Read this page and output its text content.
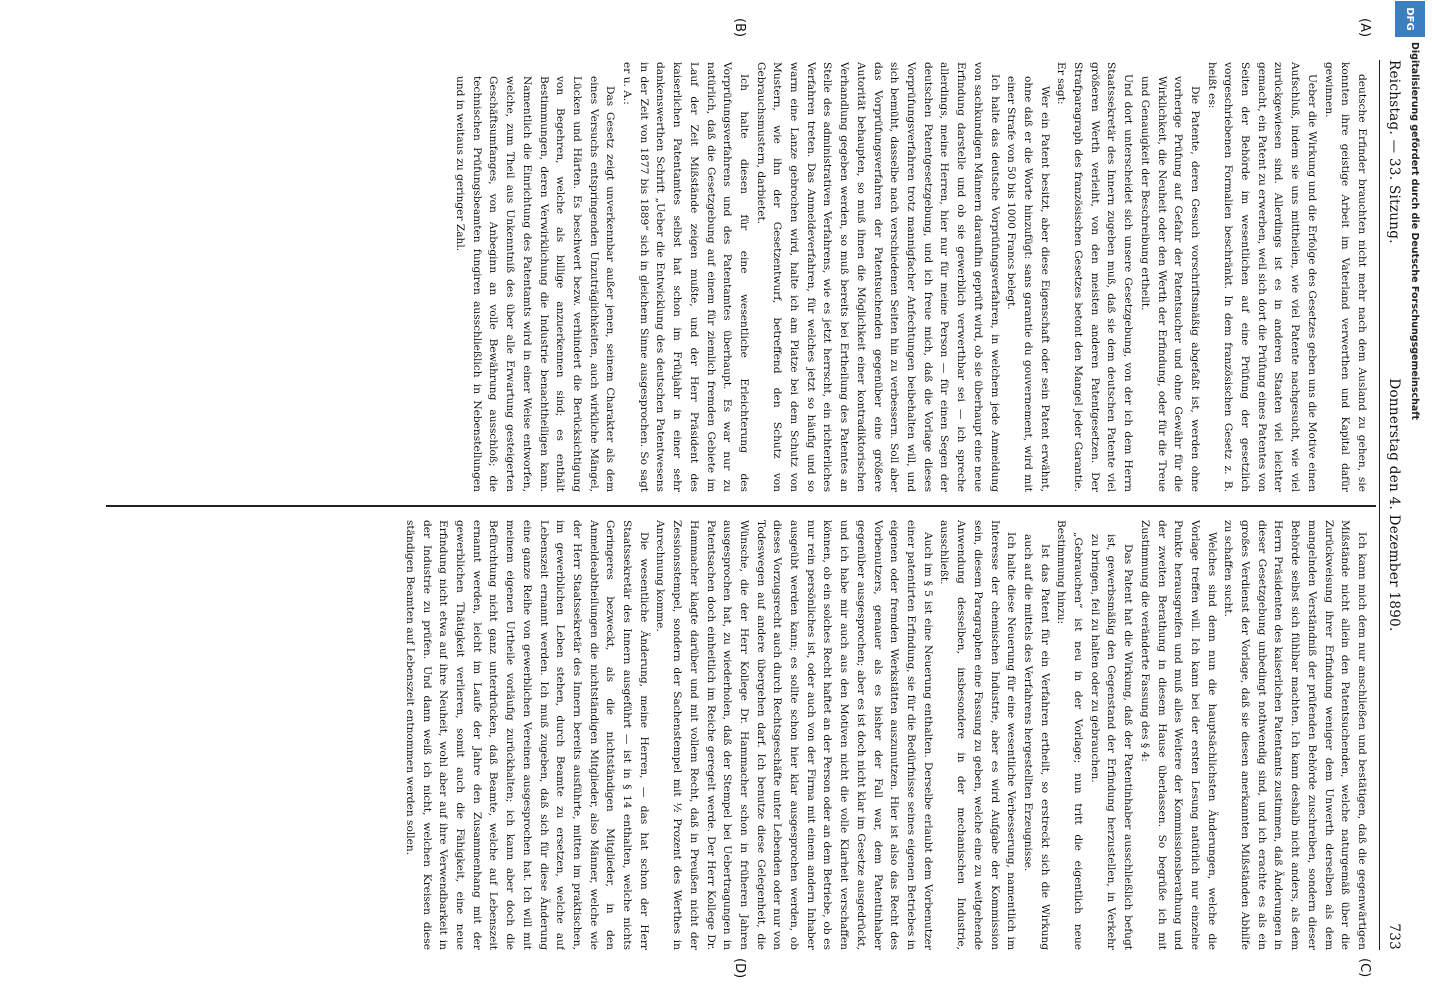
Reichstag. — 33. Sitzung.
Donnerstag den 4. Dezember 1890.
733
(A)
(B)
(C)
(D)

deutsche Erfinder brauchten nicht mehr nach dem Ausland zu gehen, sie konnten ihre geistige Arbeit im Vaterland verwerthen und Kapital dafür gewinnen.

Ueber die Wirkung und die Erfolge des Gesetzes geben uns die Motive einen Aufschluß, indem sie uns mittheilen, wie viel Patente nachgesucht, wie viel zurückgewiesen sind. Allerdings ist es in anderen Staaten viel leichter gemacht, ein Patent zu erwerben, weil sich dort die Prüfung eines Patentes von Seiten der Behörde im wesentlichen auf eine Prüfung der gesetzlich vorgeschriebenen Formalien beschränkt. In dem französischen Gesetz z. B. heißt es:

Die Patente, deren Gesuch vorschriftsmäßig abgefaßt ist, werden ohne vorherige Prüfung auf Gefahr der Patentsucher und ohne Gewähr für die Wirklichkeit, die Neuheit oder den Werth der Erfindung, oder für die Treue und Genauigkeit der Beschreibung ertheilt.

Und dort unterscheidet sich unsere Gesetzgebung, von der ich dem Herrn Staatssekretär des Innern zugeben muß, daß sie dem deutschen Patente viel größeren Werth verleiht, von den meisten anderen Patentgesetzen. Der Strafparagraph des französischen Gesetzes betont den Mangel jeder Garantie. Er sagt:

Wer ein Patent besitzt, aber diese Eigenschaft oder sein Patent erwähnt, ohne daß er die Worte hinzufügt: sans garantie du gouvernement, wird mit einer Strafe von 50 bis 1000 Francs belegt.

Ich halte das deutsche Vorprüfungsverfahren, in welchem jede Anmeldung von sachkundigen Männern daraufhin geprüft wird, ob sie überhaupt eine neue Erfindung darstelle und ob sie gewerblich verwerthbar sei — ich spreche allerdings, meine Herren, hier nur für meine Person — für einen Segen der deutschen Patentgesetzgebung, und ich freue mich, daß die Vorlage dieses Vorprüfungsverfahren trotz mannigfacher Anfechtungen beibehalten will, und sich bemüht, dasselbe nach verschiedenen Seiten hin zu verbessern. Soll aber das Vorprüfungsverfahren der Patentsuchenden gegenüber eine größere Autorität behaupten, so muß ihnen die Möglichkeit einer kontradiktorischen Verhandlung gegeben werden, so muß bereits bei Ertheilung des Patentes an Stelle des administrativen Verfahrens, wie es jetzt herrscht, ein richterliches Verfahren treten. Das Anmeldeverfahren, für welches jetzt so häufig und so warm eine Lanze gebrochen wird, halte ich am Platze bei dem Schutz von Mustern, wie ihn der Gesetzentwurf, betreffend den Schutz von Gebrauchsmustern, darbietet.

Ich halte diesen für eine wesentliche Erleichterung des Vorprüfungsverfahrens und des Patentamtes überhaupt. Es war nur zu natürlich, daß die Gesetzgebung auf einem für ziemlich fremden Gebiete im Lauf der Zeit Mißstände zeigen mußte, und der Herr Präsident des kaiserlichen Patentamtes selbst hat schon im Frühjahr in einer sehr dankenswerthen Schrift „Ueber die Entwicklung des deutschen Patentwesens in der Zeit von 1877 bis 1889“ sich in gleichem Sinne ausgesprochen. So sagt er u. A.:

Das Gesetz zeigt unverkennbar außer jenen, seinem Charakter als dem eines Versuchs entspringenden Unzuträglichkeiten, auch wirkliche Mängel, Lücken und Härten. Es beschwert bezw. verhindert die Berücksichtigung von Begehren, welche als billige anzuerkennen sind; es enthält Bestimmungen, deren Verwirklichung die Industrie benachtheiligen kann. Namentlich die Einrichtung des Patentamts wird in einer Weise entworfen, welche, zum Theil aus Unkenntniß des über alle Erwartung gesteigerten Geschäftsumfanges, von Anbeginn an volle Bewährung ausschloß; die technischen Prüfungsbeamten fungiren ausschließlich in Nebenstellungen und in weitaus zu geringer Zahl.

Ich kann mich dem nur anschließen und bestätigen, daß die gegenwärtigen Mißstände nicht allein den Patentsuchenden, welche naturgemäß über die Zurückweisung ihrer Erfindung weniger dem Unwerth derselben als dem mangelnden Verständniß der prüfenden Behörde zuschreiben, sondern dieser Behörde selbst sich fühlbar machten. Ich kann deshalb nicht anders, als dem Herrn Präsidenten des kaiserlichen Patentamts zustimmen, daß Änderungen in dieser Gesetzgebung unbedingt nothwendig sind, und ich erachte es als ein großes Verdienst der Vorlage, daß sie diesen anerkannten Mißständen Abhilfe zu schaffen sucht.

Welches sind denn nun die hauptsächlichsten Änderungen, welche die Vorlage treffen will. Ich kann bei der ersten Lesung natürlich nur einzelne Punkte herausgreifen und muß alles Weitere der Kommissionsberathung und der zweiten Berathung in diesem Hause überlassen. So begrüße ich mit Zustimmung die veränderte Fassung des § 4:

Das Patent hat die Wirkung, daß der Patentinhaber ausschließlich befugt ist, gewerbsmäßig den Gegenstand der Erfindung herzustellen, in Verkehr zu bringen, feil zu halten oder zu gebrauchen.

„Gebrauchen“ ist neu in der Vorlage; nun tritt die eigentlich neue Bestimmung hinzu:

Ist das Patent für ein Verfahren ertheilt, so erstreckt sich die Wirkung auch auf die mittels des Verfahrens hergestellten Erzeugnisse.

Ich halte diese Neuerung für eine wesentliche Verbesserung, namentlich im Interesse der chemischen Industrie, aber es wird Aufgabe der Kommission sein, diesem Paragraphen eine Fassung zu geben, welche eine zu weitgehende Anwendung desselben, insbesondere in der mechanischen Industrie, ausschließt.

Auch im § 5 ist eine Neuerung enthalten. Derselbe erlaubt dem Vorbenutzer einer patentirten Erfindung, sie für die Bedürfnisse seines eigenen Betriebes in eigenen oder fremden Werkstätten auszunutzen. Hier ist also das Recht des Vorbenutzers, genauer als es bisher der Fall war, dem Patentinhaber gegenüber ausgesprochen; aber es ist doch nicht klar im Gesetze ausgedrückt, und ich habe mir auch aus den Motiven nicht die volle Klarheit verschaffen können, ob ein solches Recht haftet an der Person oder an dem Betriebe, ob es nur rein persönliches ist, oder auch von der Firma mit einem andern Inhaber ausgeübt werden kann; es sollte schon hier klar ausgesprochen werden, ob dieses Vorzugsrecht auch durch Rechtsgeschäfte unter Lebenden oder nur von Todeswegen auf andere übergehen darf. Ich benutze diese Gelegenheit, die Wünsche, die der Herr Kollege Dr. Hammacher schon in früheren Jahren ausgesprochen hat, zu wiederholen, daß der Stempel bei Uebertragungen in Patentsachen doch einheitlich im Reiche geregelt werde. Der Herr Kollege Dr. Hammacher klagte darüber und mit vollem Recht, daß in Preußen nicht der Zessionsstempel, sondern der Sachenstempel mit ½ Prozent des Werthes in Anrechnung komme.

Die wesentliche Änderung, meine Herren, — das hat schon der Herr Staatssekretär des Innern ausgeführt — ist in § 14 enthalten, welche nichts Geringeres bezweckt, als die nichtständigen Mitglieder, in den Anmeldeabtheilungen die nichtständigen Mitglieder, also Männer, welche wie der Herr Staatssekretär des Innern bereits ausführte, mitten im praktischen, im gewerblichen Leben stehen, durch Beamte zu ersetzen, welche auf Lebenszeit ernannt werden. Ich muß zugeben, daß sich für diese Änderung eine ganze Reihe von gewerblichen Vereinen ausgesprochen hat. Ich will mit meinem eigenen Urtheile vorläufig zurückhalten; ich kann aber doch die Befürchtung nicht ganz unterdrücken, daß Beamte, welche auf Lebenszeit ernannt werden, leicht im Laufe der Jahre den Zusammenhang mit der gewerblichen Thätigkeit verlieren, somit auch die Fähigkeit, eine neue Erfindung nicht etwa auf ihre Neuheit, wohl aber auf ihre Verwendbarkeit in der Industrie zu prüfen. Und dann weiß ich nicht, welchen Kreisen diese ständigen Beamten auf Lebenszeit entnommen werden sollen.

DFG
Digitalisierung gefördert durch die Deutsche Forschungsgemeinschaft
